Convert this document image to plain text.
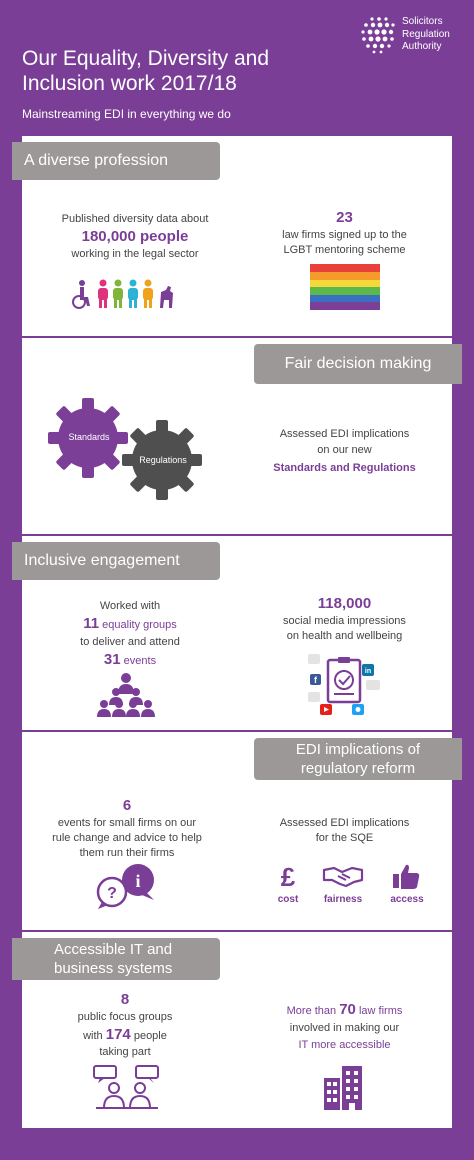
Our Equality, Diversity and Inclusion work 2017/18
Mainstreaming EDI in everything we do
Solicitors
Regulation
Authority
A diverse profession
Published diversity data about
180,000 people
working in the legal sector
23
law firms signed up to the
LGBT mentoring scheme
Fair decision making
Standards
Regulations
Assessed EDI implications
on our new
Standards and Regulations
Inclusive engagement
Worked with
11 equality groups
to deliver and attend
31 events
118,000
social media impressions
on health and wellbeing
f
in
EDI implications of
regulatory reform
6
events for small firms on our
rule change and advice to help
them run their firms
?
i
Assessed EDI implications
for the SQE
£
cost	fairness	access
Accessible IT and
business systems
8
public focus groups
with 174 people
taking part
More than 70 law firms
involved in making our
IT more accessible
